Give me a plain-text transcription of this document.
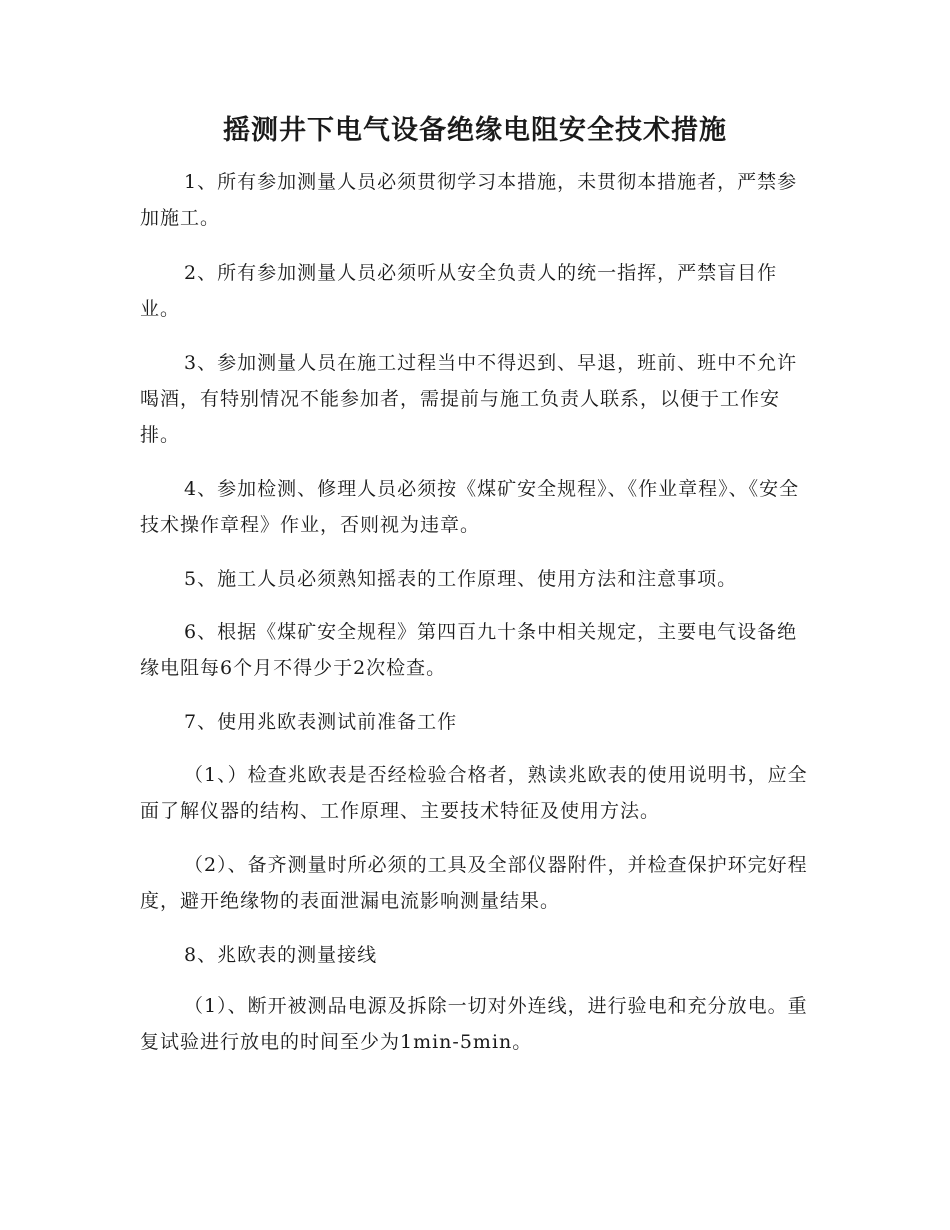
摇测井下电气设备绝缘电阻安全技术措施

1、所有参加测量人员必须贯彻学习本措施，未贯彻本措施者，严禁参加施工。

2、所有参加测量人员必须听从安全负责人的统一指挥，严禁盲目作业。

3、参加测量人员在施工过程当中不得迟到、早退，班前、班中不允许喝酒，有特别情况不能参加者，需提前与施工负责人联系，以便于工作安排。

4、参加检测、修理人员必须按《煤矿安全规程》、《作业章程》、《安全技术操作章程》作业，否则视为违章。

5、施工人员必须熟知摇表的工作原理、使用方法和注意事项。

6、根据《煤矿安全规程》第四百九十条中相关规定，主要电气设备绝缘电阻每6个月不得少于2次检查。

7、使用兆欧表测试前准备工作

（1、）检查兆欧表是否经检验合格者，熟读兆欧表的使用说明书，应全面了解仪器的结构、工作原理、主要技术特征及使用方法。

（2）、备齐测量时所必须的工具及全部仪器附件，并检查保护环完好程度，避开绝缘物的表面泄漏电流影响测量结果。

8、兆欧表的测量接线

（1）、断开被测品电源及拆除一切对外连线，进行验电和充分放电。重复试验进行放电的时间至少为1min-5min。
